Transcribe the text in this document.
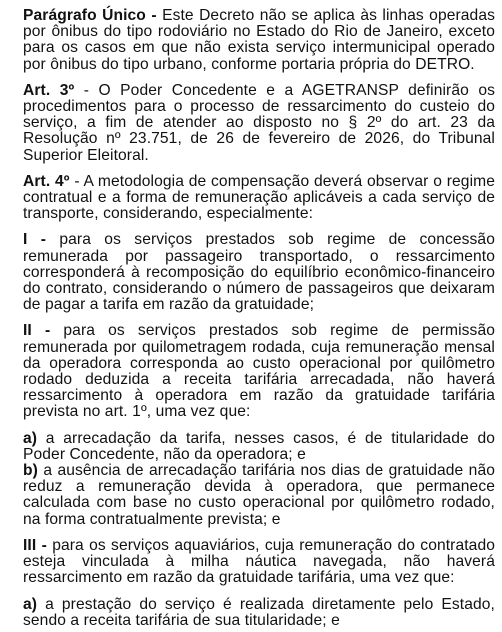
Parágrafo Único - Este Decreto não se aplica às linhas operadas por ônibus do tipo rodoviário no Estado do Rio de Janeiro, exceto para os casos em que não exista serviço intermunicipal operado por ônibus do tipo urbano, conforme portaria própria do DETRO.

Art. 3º - O Poder Concedente e a AGETRANSP definirão os procedimentos para o processo de ressarcimento do custeio do serviço, a fim de atender ao disposto no § 2º do art. 23 da Resolução nº 23.751, de 26 de fevereiro de 2026, do Tribunal Superior Eleitoral.

Art. 4º - A metodologia de compensação deverá observar o regime contratual e a forma de remuneração aplicáveis a cada serviço de transporte, considerando, especialmente:

I - para os serviços prestados sob regime de concessão remunerada por passageiro transportado, o ressarcimento corresponderá à recomposição do equilíbrio econômico-financeiro do contrato, considerando o número de passageiros que deixaram de pagar a tarifa em razão da gratuidade;

II - para os serviços prestados sob regime de permissão remunerada por quilometragem rodada, cuja remuneração mensal da operadora corresponda ao custo operacional por quilômetro rodado deduzida a receita tarifária arrecadada, não haverá ressarcimento à operadora em razão da gratuidade tarifária prevista no art. 1º, uma vez que:

a) a arrecadação da tarifa, nesses casos, é de titularidade do Poder Concedente, não da operadora; e

b) a ausência de arrecadação tarifária nos dias de gratuidade não reduz a remuneração devida à operadora, que permanece calculada com base no custo operacional por quilômetro rodado, na forma contratualmente prevista; e

III - para os serviços aquaviários, cuja remuneração do contratado esteja vinculada à milha náutica navegada, não haverá ressarcimento em razão da gratuidade tarifária, uma vez que:

a) a prestação do serviço é realizada diretamente pelo Estado, sendo a receita tarifária de sua titularidade; e
